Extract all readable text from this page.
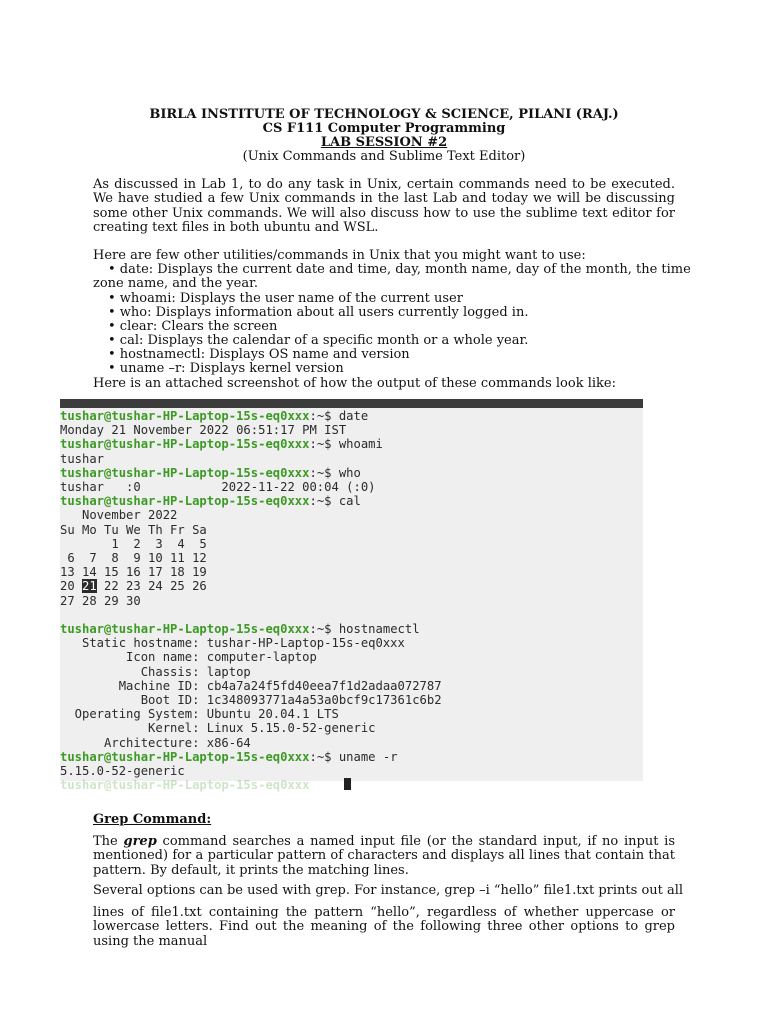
BIRLA INSTITUTE OF TECHNOLOGY & SCIENCE, PILANI (RAJ.)
CS F111 Computer Programming
LAB SESSION #2
(Unix Commands and Sublime Text Editor)
As discussed in Lab 1, to do any task in Unix, certain commands need to be executed. We have studied a few Unix commands in the last Lab and today we will be discussing some other Unix commands. We will also discuss how to use the sublime text editor for creating text files in both ubuntu and WSL.
Here are few other utilities/commands in Unix that you might want to use:
• date: Displays the current date and time, day, month name, day of the month, the time
zone name, and the year.
• whoami: Displays the user name of the current user
• who: Displays information about all users currently logged in.
• clear: Clears the screen
• cal: Displays the calendar of a specific month or a whole year.
• hostnamectl: Displays OS name and version
• uname –r: Displays kernel version
Here is an attached screenshot of how the output of these commands look like:
tushar@tushar-HP-Laptop-15s-eq0xxx:~$ date
Monday 21 November 2022 06:51:17 PM IST
tushar@tushar-HP-Laptop-15s-eq0xxx:~$ whoami
tushar
tushar@tushar-HP-Laptop-15s-eq0xxx:~$ who
tushar   :0           2022-11-22 00:04 (:0)
tushar@tushar-HP-Laptop-15s-eq0xxx:~$ cal
November 2022
Su Mo Tu We Th Fr Sa
1  2  3  4  5
6  7  8  9 10 11 12
13 14 15 16 17 18 19
20 21 22 23 24 25 26
27 28 29 30
tushar@tushar-HP-Laptop-15s-eq0xxx:~$ hostnamectl
Static hostname: tushar-HP-Laptop-15s-eq0xxx
Icon name: computer-laptop
Chassis: laptop
Machine ID: cb4a7a24f5fd40eea7f1d2adaa072787
Boot ID: 1c348093771a4a53a0bcf9c17361c6b2
Operating System: Ubuntu 20.04.1 LTS
Kernel: Linux 5.15.0-52-generic
Architecture: x86-64
tushar@tushar-HP-Laptop-15s-eq0xxx:~$ uname -r
5.15.0-52-generic
tushar@tushar-HP-Laptop-15s-eq0xxx
Grep Command:
The grep command searches a named input file (or the standard input, if no input is mentioned) for a particular pattern of characters and displays all lines that contain that pattern. By default, it prints the matching lines.
Several options can be used with grep. For instance, grep –i “hello” file1.txt prints out all
lines of file1.txt containing the pattern “hello”, regardless of whether uppercase or lowercase letters. Find out the meaning of the following three other options to grep using the manual
